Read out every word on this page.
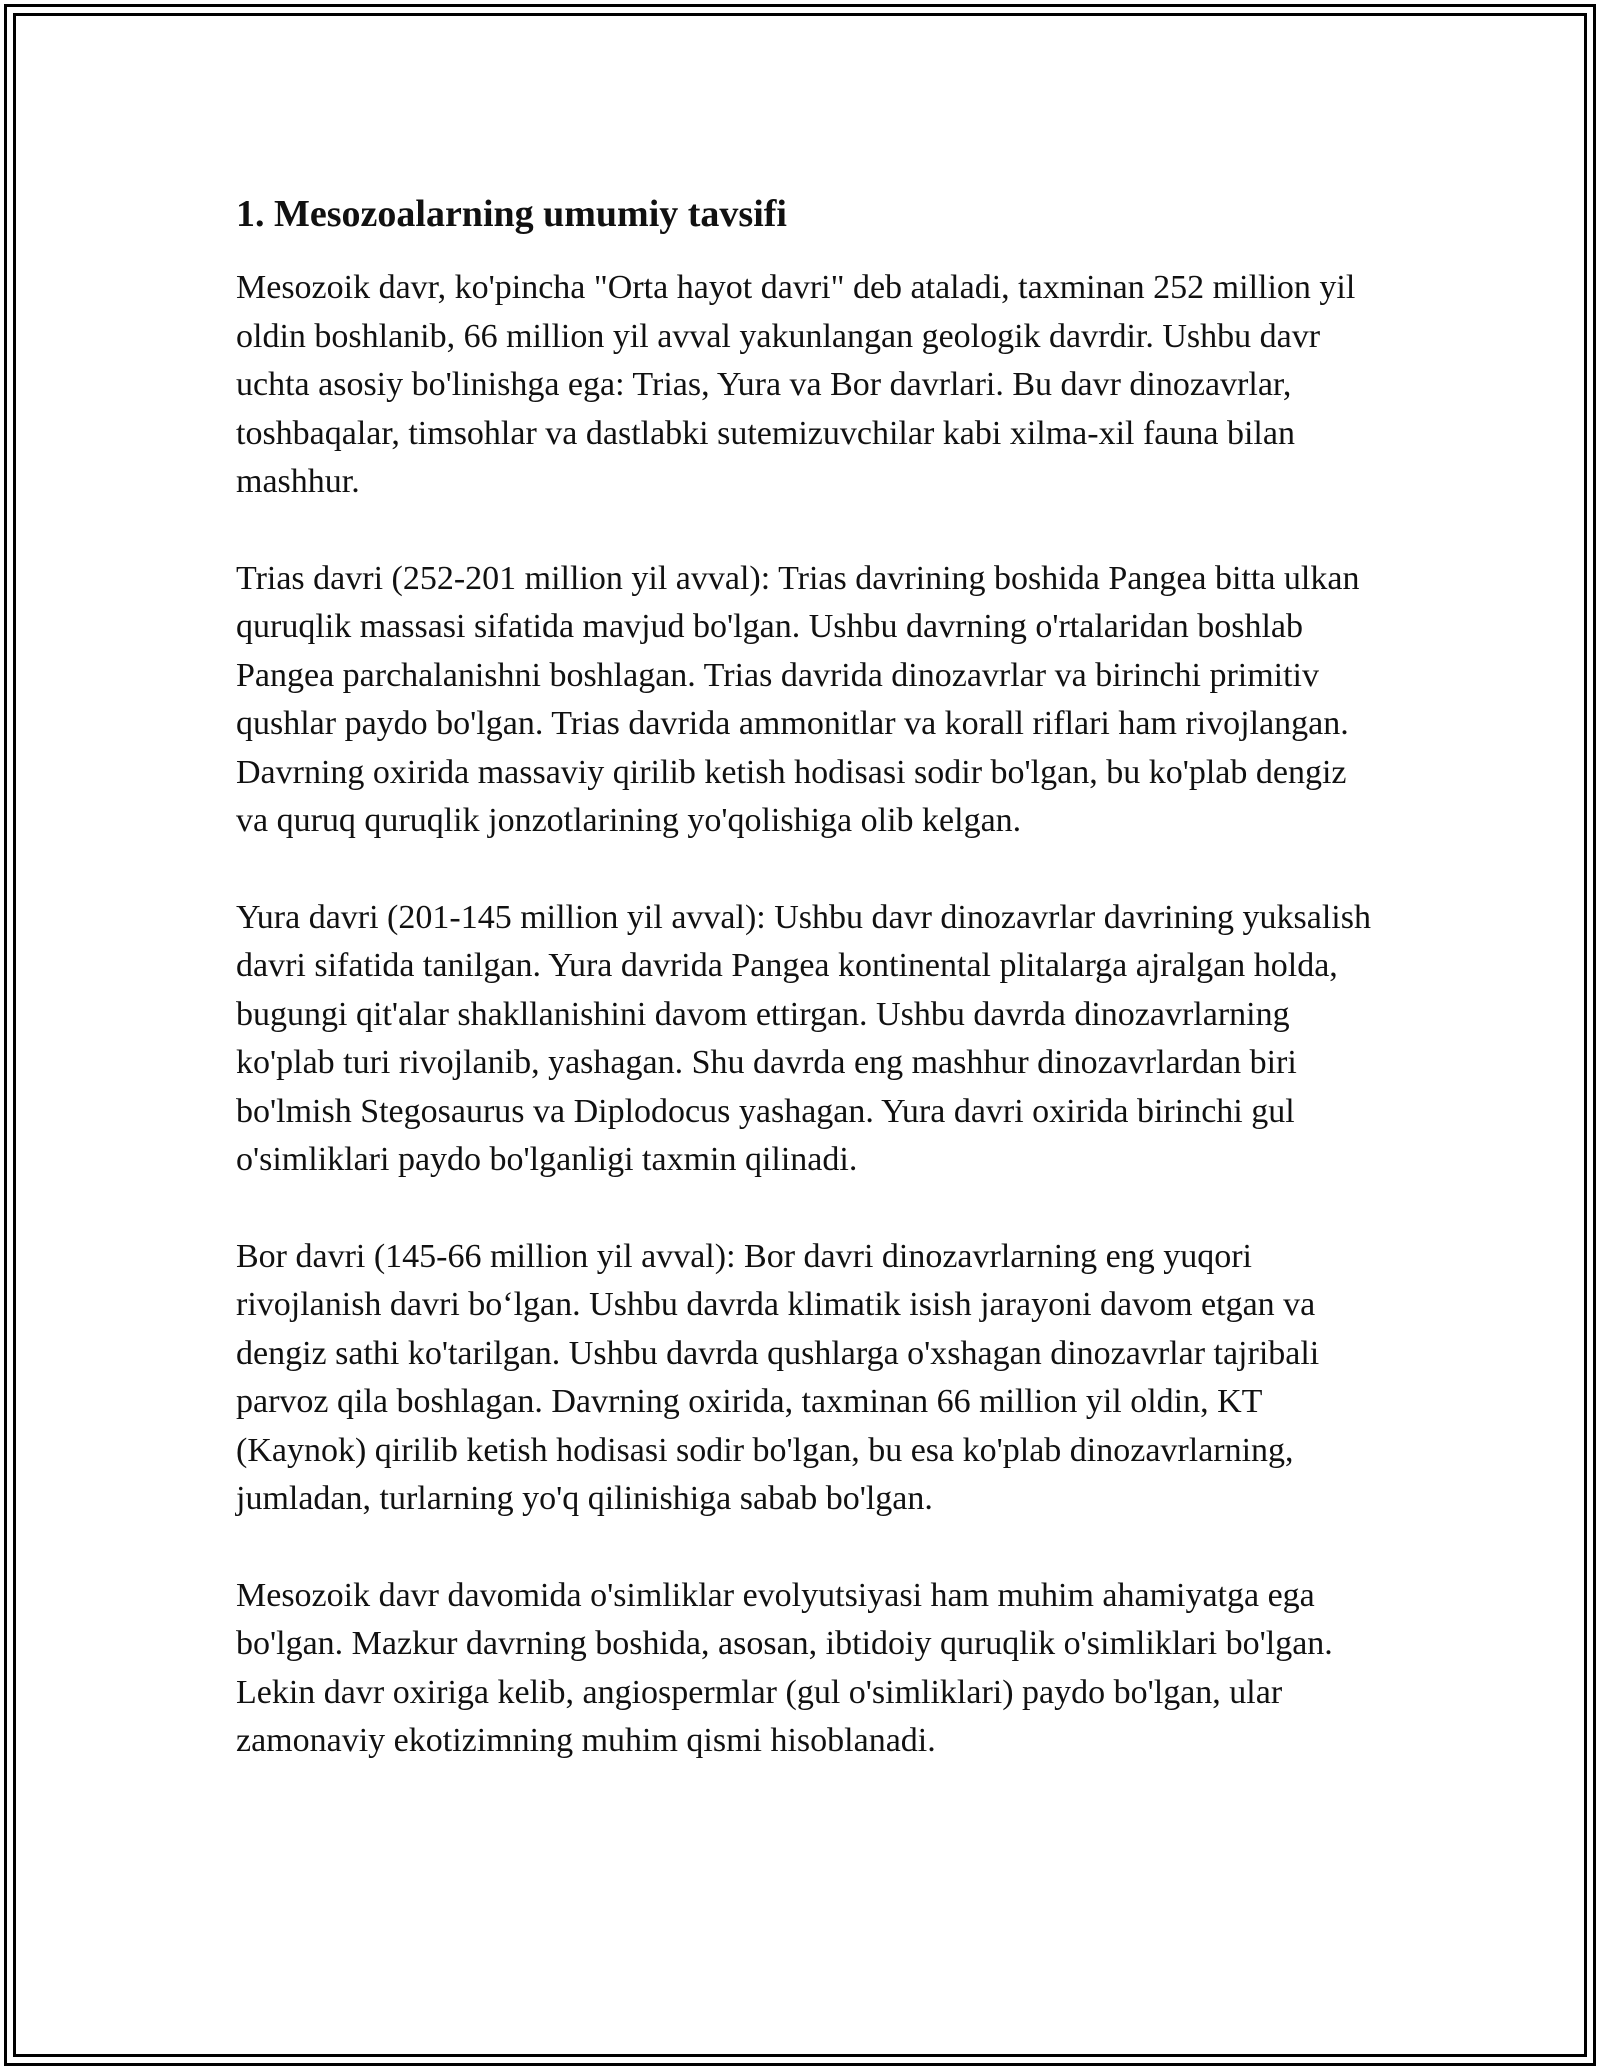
1. Mesozoalarning umumiy tavsifi

Mesozoik davr, ko'pincha "Orta hayot davri" deb ataladi, taxminan 252 million yil oldin boshlanib, 66 million yil avval yakunlangan geologik davrdir. Ushbu davr uchta asosiy bo'linishga ega: Trias, Yura va Bor davrlari. Bu davr dinozavrlar, toshbaqalar, timsohlar va dastlabki sutemizuvchilar kabi xilma-xil fauna bilan mashhur.

Trias davri (252-201 million yil avval): Trias davrining boshida Pangea bitta ulkan quruqlik massasi sifatida mavjud bo'lgan. Ushbu davrning o'rtalaridan boshlab Pangea parchalanishni boshlagan. Trias davrida dinozavrlar va birinchi primitiv qushlar paydo bo'lgan. Trias davrida ammonitlar va korall riflari ham rivojlangan. Davrning oxirida massaviy qirilib ketish hodisasi sodir bo'lgan, bu ko'plab dengiz va quruq quruqlik jonzotlarining yo'qolishiga olib kelgan.

Yura davri (201-145 million yil avval): Ushbu davr dinozavrlar davrining yuksalish davri sifatida tanilgan. Yura davrida Pangea kontinental plitalarga ajralgan holda, bugungi qit'alar shakllanishini davom ettirgan. Ushbu davrda dinozavrlarning ko'plab turi rivojlanib, yashagan. Shu davrda eng mashhur dinozavrlardan biri bo'lmish Stegosaurus va Diplodocus yashagan. Yura davri oxirida birinchi gul o'simliklari paydo bo'lganligi taxmin qilinadi.

Bor davri (145-66 million yil avval): Bor davri dinozavrlarning eng yuqori rivojlanish davri bo‘lgan. Ushbu davrda klimatik isish jarayoni davom etgan va dengiz sathi ko'tarilgan. Ushbu davrda qushlarga o'xshagan dinozavrlar tajribali parvoz qila boshlagan. Davrning oxirida, taxminan 66 million yil oldin, KT (Kaynok) qirilib ketish hodisasi sodir bo'lgan, bu esa ko'plab dinozavrlarning, jumladan, turlarning yo'q qilinishiga sabab bo'lgan.

Mesozoik davr davomida o'simliklar evolyutsiyasi ham muhim ahamiyatga ega bo'lgan. Mazkur davrning boshida, asosan, ibtidoiy quruqlik o'simliklari bo'lgan. Lekin davr oxiriga kelib, angiospermlar (gul o'simliklari) paydo bo'lgan, ular zamonaviy ekotizimning muhim qismi hisoblanadi.
